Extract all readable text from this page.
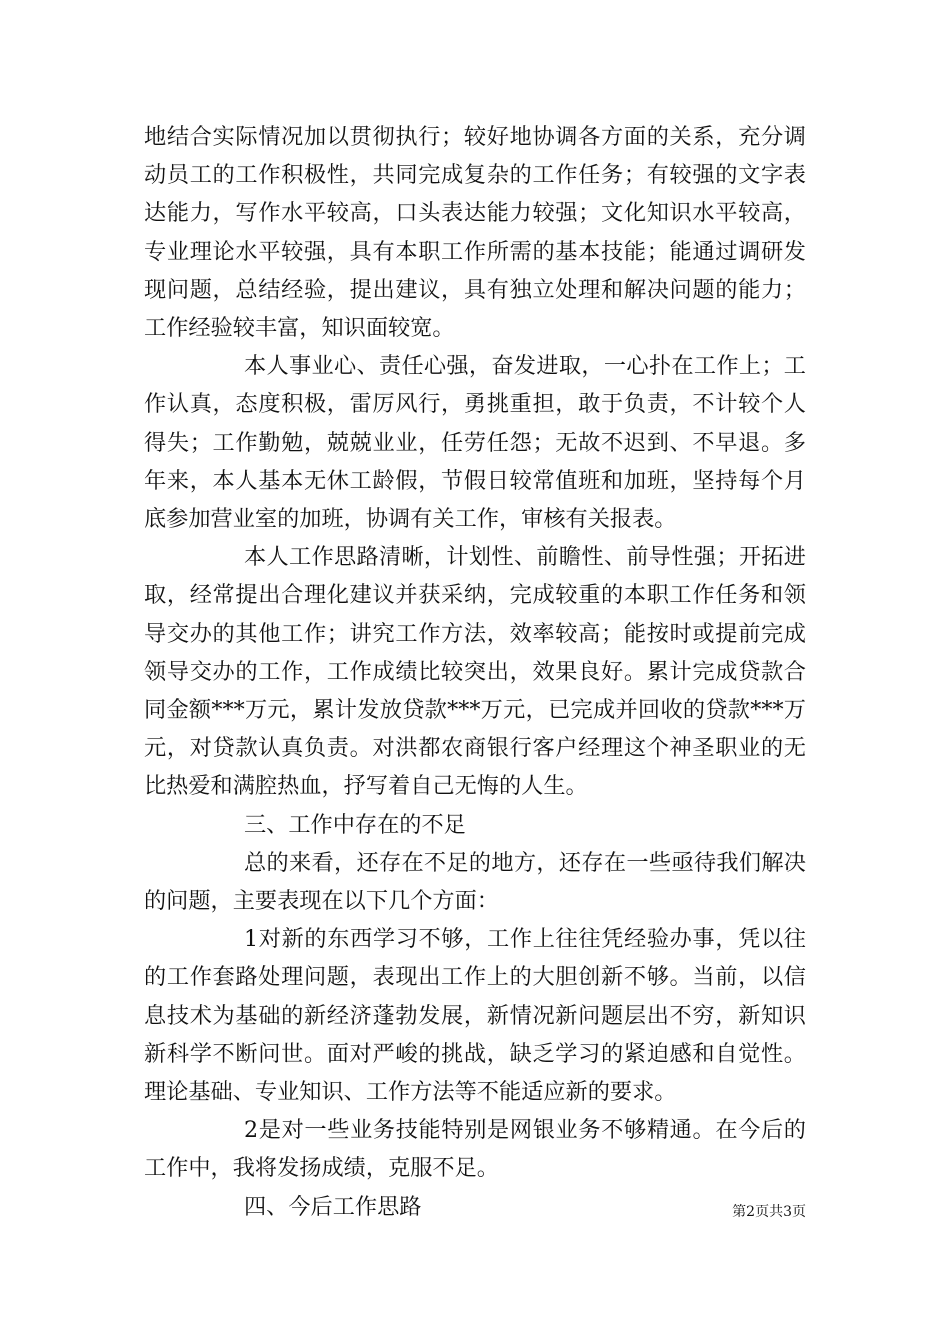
地结合实际情况加以贯彻执行；较好地协调各方面的关系，充分调动员工的工作积极性，共同完成复杂的工作任务；有较强的文字表达能力，写作水平较高，口头表达能力较强；文化知识水平较高，专业理论水平较强，具有本职工作所需的基本技能；能通过调研发现问题，总结经验，提出建议，具有独立处理和解决问题的能力；工作经验较丰富，知识面较宽。

本人事业心、责任心强，奋发进取，一心扑在工作上；工作认真，态度积极，雷厉风行，勇挑重担，敢于负责，不计较个人得失；工作勤勉，兢兢业业，任劳任怨；无故不迟到、不早退。多年来，本人基本无休工龄假，节假日较常值班和加班，坚持每个月底参加营业室的加班，协调有关工作，审核有关报表。

本人工作思路清晰，计划性、前瞻性、前导性强；开拓进取，经常提出合理化建议并获采纳，完成较重的本职工作任务和领导交办的其他工作；讲究工作方法，效率较高；能按时或提前完成领导交办的工作，工作成绩比较突出，效果良好。累计完成贷款合同金额***万元，累计发放贷款***万元，已完成并回收的贷款***万元，对贷款认真负责。对洪都农商银行客户经理这个神圣职业的无比热爱和满腔热血，抒写着自己无悔的人生。

三、工作中存在的不足

总的来看，还存在不足的地方，还存在一些亟待我们解决的问题，主要表现在以下几个方面：

1对新的东西学习不够，工作上往往凭经验办事，凭以往的工作套路处理问题，表现出工作上的大胆创新不够。当前，以信息技术为基础的新经济蓬勃发展，新情况新问题层出不穷，新知识新科学不断问世。面对严峻的挑战，缺乏学习的紧迫感和自觉性。理论基础、专业知识、工作方法等不能适应新的要求。

2是对一些业务技能特别是网银业务不够精通。在今后的工作中，我将发扬成绩，克服不足。

四、今后工作思路	第2页共3页
